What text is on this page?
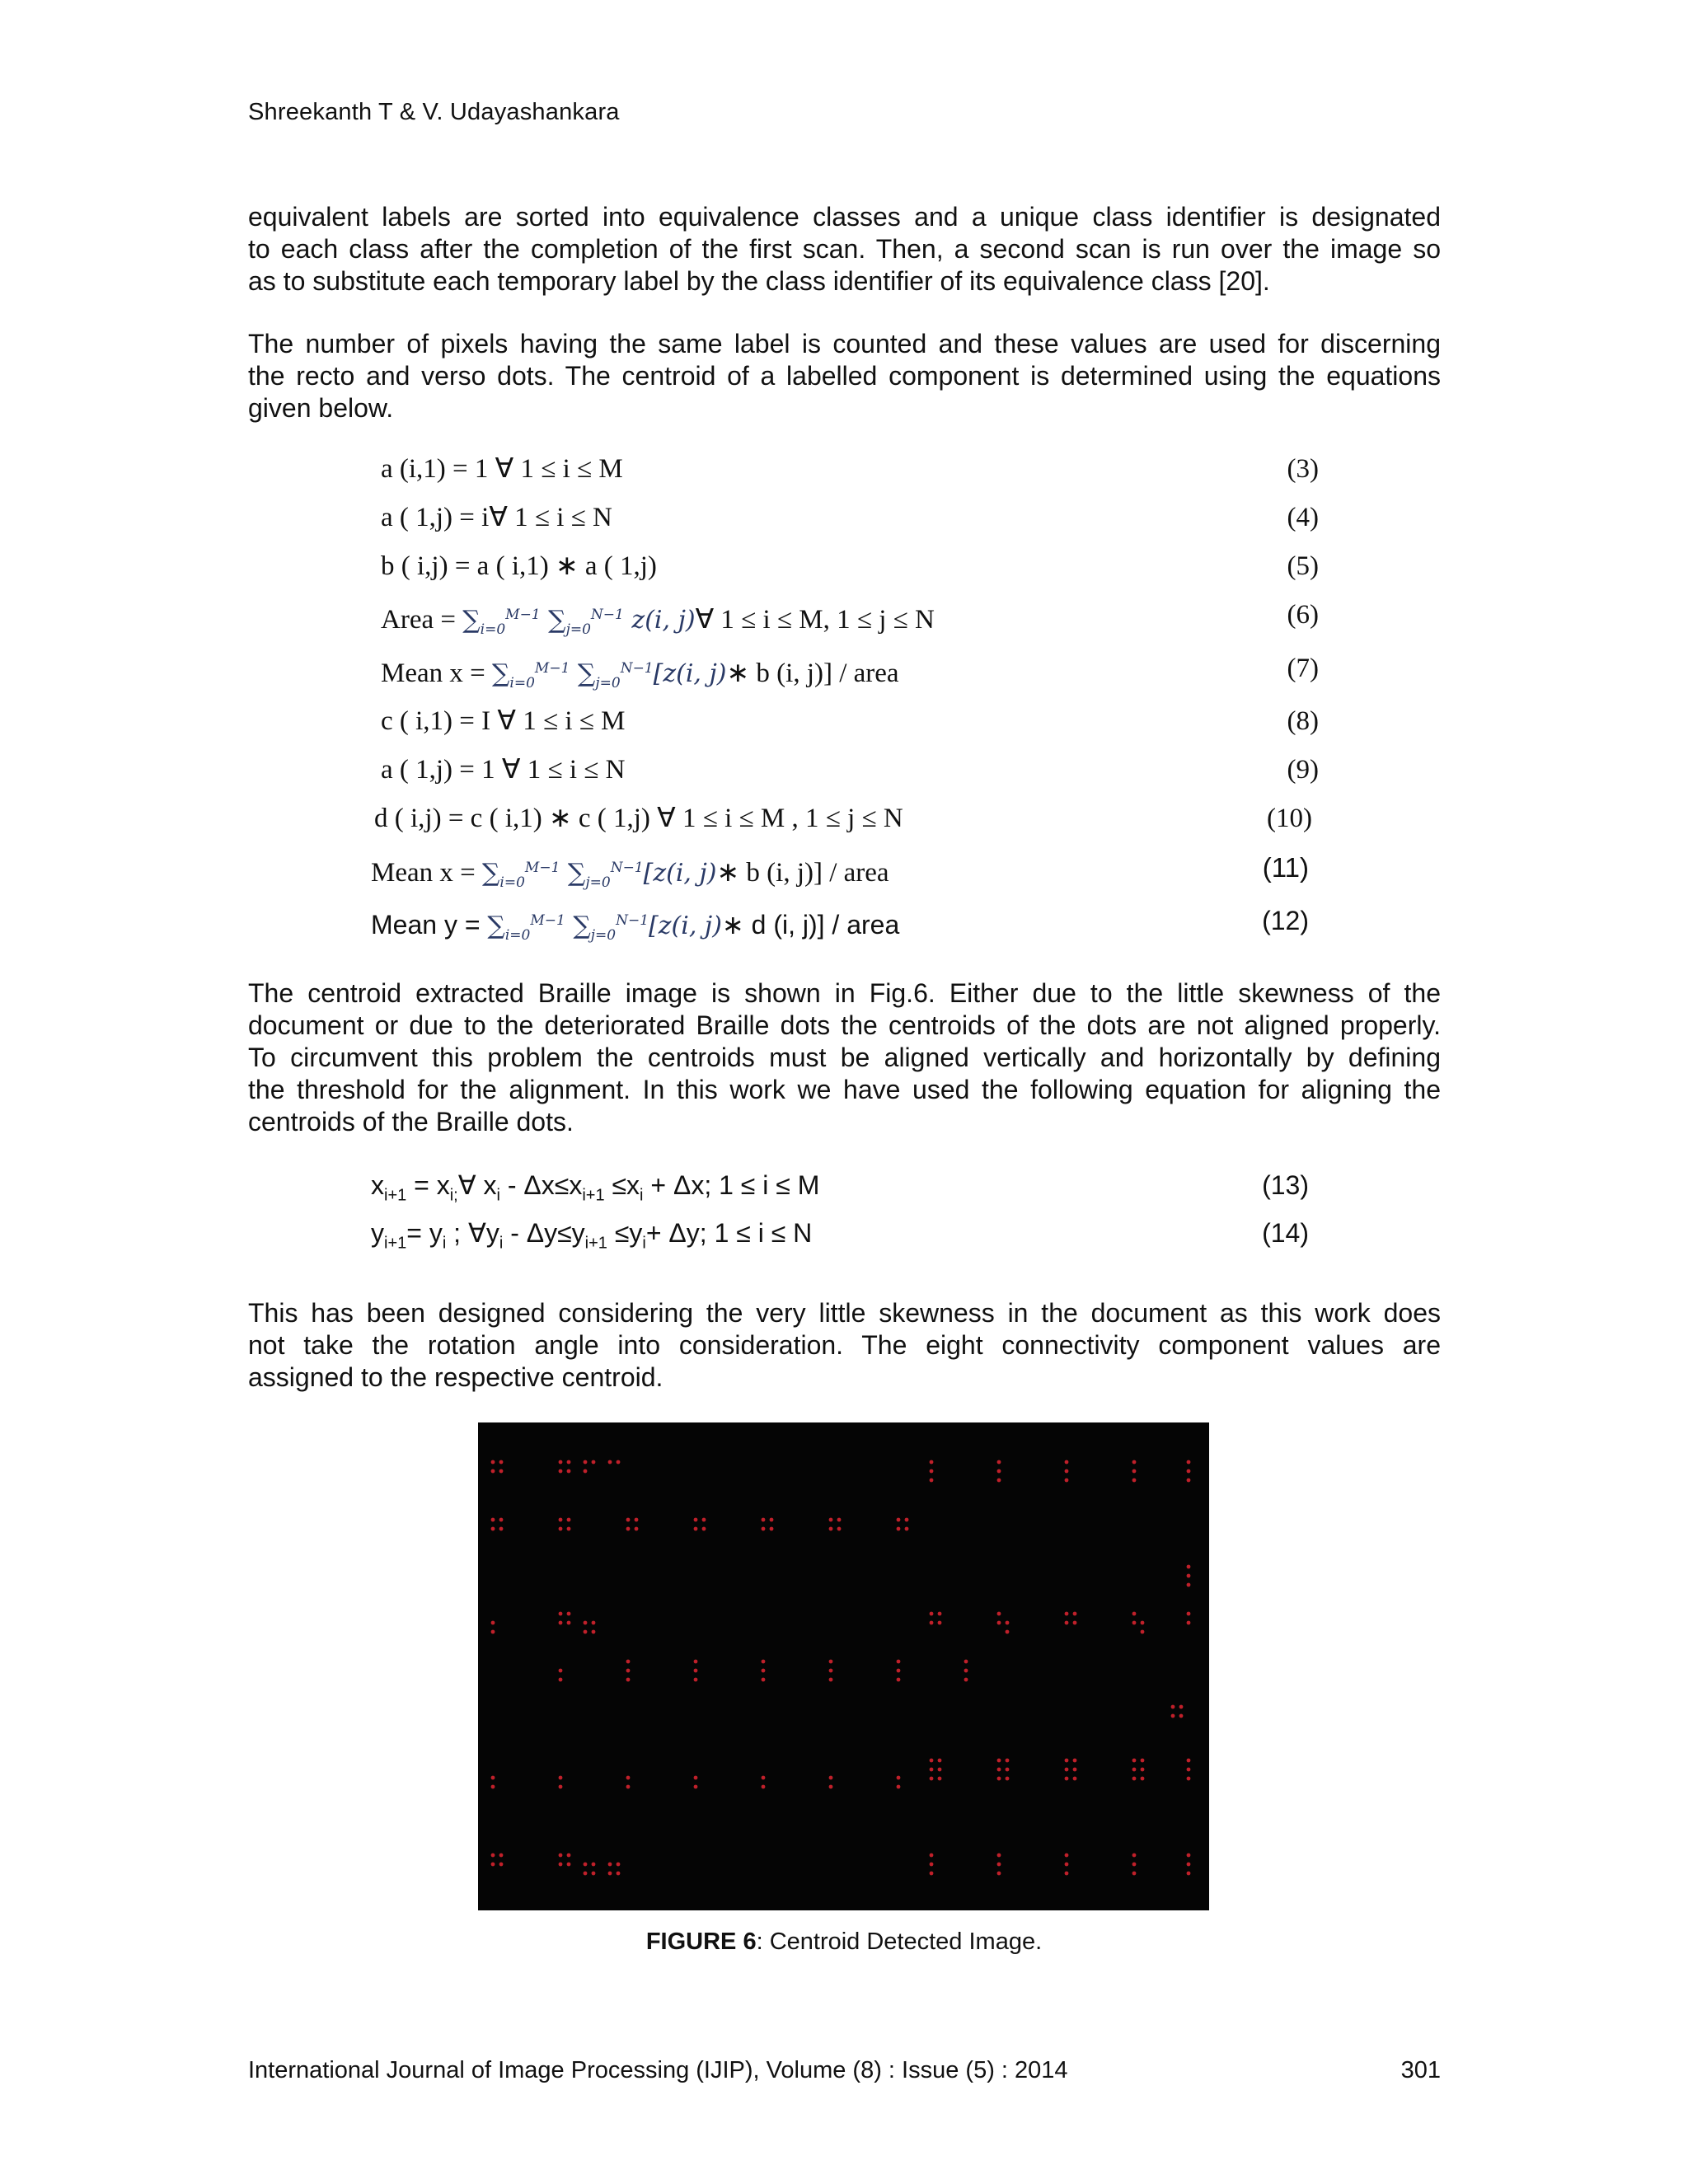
Shreekanth T & V. Udayashankara
equivalent labels are sorted into equivalence classes and a unique class identifier is designated
to each class after the completion of the first scan. Then, a second scan is run over the image so
as to substitute each temporary label by the class identifier of its equivalence class [20].
The number of pixels having the same label is counted and these values are used for discerning
the recto and verso dots. The centroid of a labelled component is determined using the equations
given below.
a (i,1) = 1 ∀ 1 ≤ i ≤ M	(3)
a ( 1,j) = i∀ 1 ≤ i ≤ N	(4)
b ( i,j) = a ( i,1) ∗ a ( 1,j)	(5)
Area = $\sum_{i=0}^{M-1}$ $\sum_{j=0}^{N-1}$ z(i, j)∀ 1 ≤ i ≤ M, 1 ≤ j ≤ N	(6)
Mean $x = \sum_{i=0}^{M-1}$ $\sum_{j=0}^{N-1}[z(i$, j)∗ b (i, j)] / area	(7)
c ( i,1) = I ∀ 1 ≤ i ≤ M	(8)
a ( 1,j) = 1 ∀ 1 ≤ i ≤ N	(9)
d ( i,j) = c ( i,1) ∗ c ( 1,j) ∀ 1 ≤ i ≤ M , 1 ≤ j ≤ N	(10)
Mean $x = \sum_{i=0}^{M-1}$ $\sum_{j=0}^{N-1}[z(i$, j)∗ b (i, j)] / area	(11)
Mean $y = \sum_{i=0}^{M-1}$ $\sum_{j=0}^{N-1}[z(i$, j)∗ d (i, j)] / area	(12)
The centroid extracted Braille image is shown in Fig.6. Either due to the little skewness of the
document or due to the deteriorated Braille dots the centroids of the dots are not aligned properly.
To circumvent this problem the centroids must be aligned vertically and horizontally by defining
the threshold for the alignment. In this work we have used the following equation for aligning the
centroids of the Braille dots.
$x_{i+1}$ = $x_{i;}\forall$ $x_i - \Delta x\le x_{i+1} \le x_i + \Delta x$; 1 ≤ i ≤ M	(13)
$y_{i+1}= y_i$ ; $\forall y_i - \Delta y\le y_{i+1} \le y_i+ \Delta y$; 1 ≤ i ≤ N	(14)
This has been designed considering the very little skewness in the document as this work does
not take the rotation angle into consideration. The eight connectivity component values are
assigned to the respective centroid.
FIGURE 6: Centroid Detected Image.
International Journal of Image Processing (IJIP), Volume (8) : Issue (5) : 2014	301
